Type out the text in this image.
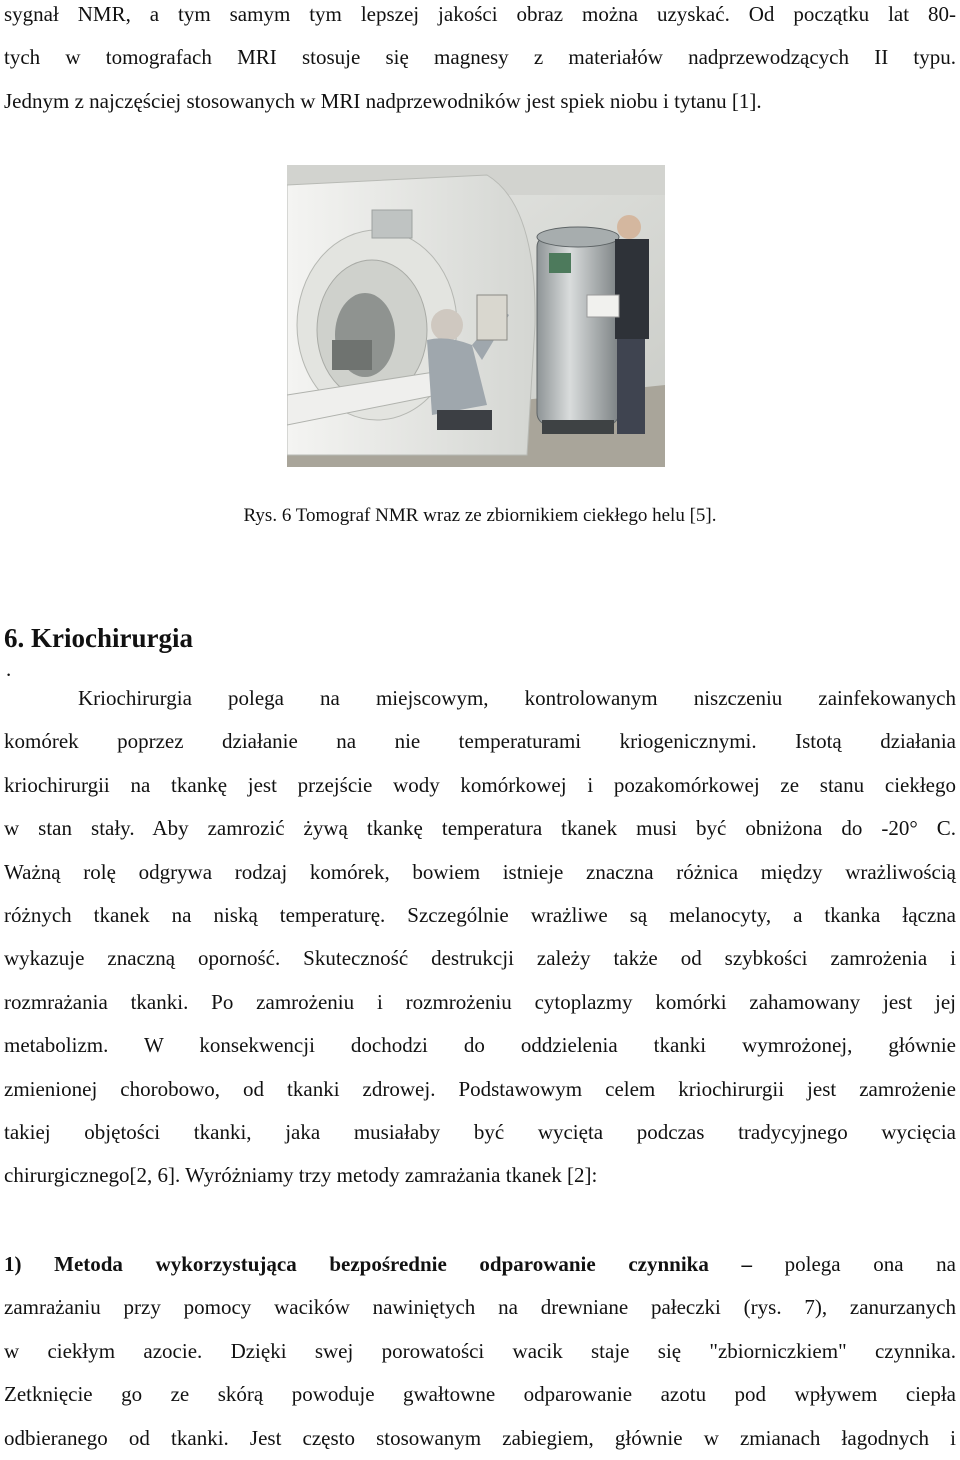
sygnał NMR, a tym samym tym lepszej jakości obraz można uzyskać. Od początku lat 80-
tych w tomografach MRI stosuje się magnesy z materiałów nadprzewodzących II typu.
Jednym z najczęściej stosowanych w MRI nadprzewodników jest spiek niobu i tytanu [1].
Rys. 6 Tomograf NMR wraz ze zbiornikiem ciekłego helu [5].
6. Kriochirurgia
.
Kriochirurgia polega na miejscowym, kontrolowanym niszczeniu zainfekowanych
komórek poprzez działanie na nie temperaturami kriogenicznymi. Istotą działania
kriochirurgii na tkankę jest przejście wody komórkowej i pozakomórkowej ze stanu ciekłego
w stan stały. Aby zamrozić żywą tkankę temperatura tkanek musi być obniżona do -20° C.
Ważną rolę odgrywa rodzaj komórek, bowiem istnieje znaczna różnica między wrażliwością
różnych tkanek na niską temperaturę. Szczególnie wrażliwe są melanocyty, a tkanka łączna
wykazuje znaczną oporność. Skuteczność destrukcji zależy także od szybkości zamrożenia i
rozmrażania tkanki. Po zamrożeniu i rozmrożeniu cytoplazmy komórki zahamowany jest jej
metabolizm. W konsekwencji dochodzi do oddzielenia tkanki wymrożonej, głównie
zmienionej chorobowo, od tkanki zdrowej. Podstawowym celem kriochirurgii jest zamrożenie
takiej objętości tkanki, jaka musiałaby być wycięta podczas tradycyjnego wycięcia
chirurgicznego[2, 6]. Wyróżniamy trzy metody zamrażania tkanek [2]:
1) Metoda wykorzystująca bezpośrednie odparowanie czynnika – polega ona na
zamrażaniu przy pomocy wacików nawiniętych na drewniane pałeczki (rys. 7), zanurzanych
w ciekłym azocie. Dzięki swej porowatości wacik staje się "zbiorniczkiem" czynnika.
Zetknięcie go ze skórą powoduje gwałtowne odparowanie azotu pod wpływem ciepła
odbieranego od tkanki. Jest często stosowanym zabiegiem, głównie w zmianach łagodnych i
